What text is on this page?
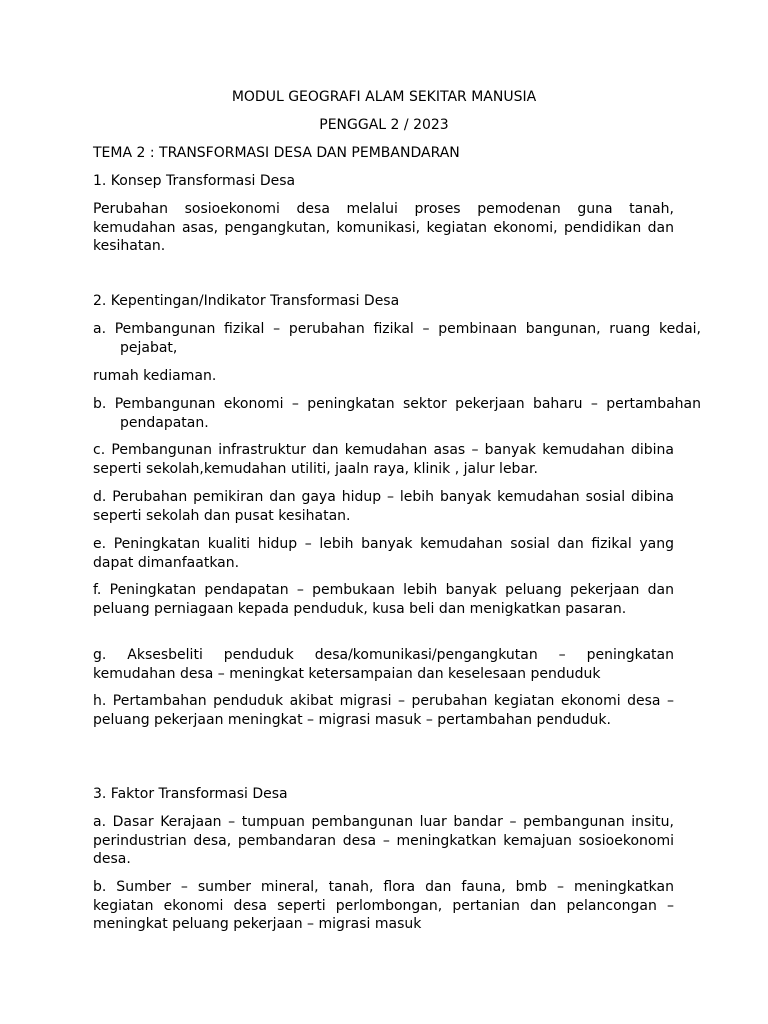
MODUL GEOGRAFI ALAM SEKITAR MANUSIA

PENGGAL 2 / 2023

TEMA 2 : TRANSFORMASI DESA DAN PEMBANDARAN

1. Konsep Transformasi Desa

Perubahan sosioekonomi desa melalui proses pemodenan guna tanah, kemudahan asas, pengangkutan, komunikasi, kegiatan ekonomi, pendidikan dan kesihatan.

2. Kepentingan/Indikator Transformasi Desa

a. Pembangunan fizikal – perubahan fizikal – pembinaan bangunan, ruang kedai, pejabat,

rumah kediaman.

b. Pembangunan ekonomi – peningkatan sektor pekerjaan baharu – pertambahan pendapatan.

c. Pembangunan infrastruktur dan kemudahan asas – banyak kemudahan dibina seperti sekolah,kemudahan utiliti, jaaln raya, klinik , jalur lebar.

d. Perubahan pemikiran dan gaya hidup – lebih banyak kemudahan sosial dibina seperti sekolah dan pusat kesihatan.

e. Peningkatan kualiti hidup – lebih banyak kemudahan sosial dan fizikal yang dapat dimanfaatkan.

f. Peningkatan pendapatan – pembukaan lebih banyak peluang pekerjaan dan peluang perniagaan kepada penduduk, kusa beli dan menigkatkan pasaran.

g. Aksesbeliti penduduk desa/komunikasi/pengangkutan – peningkatan kemudahan desa – meningkat ketersampaian dan keselesaan penduduk

h. Pertambahan penduduk akibat migrasi – perubahan kegiatan ekonomi desa – peluang pekerjaan meningkat – migrasi masuk – pertambahan penduduk.

3. Faktor Transformasi Desa

a. Dasar Kerajaan – tumpuan pembangunan luar bandar – pembangunan insitu, perindustrian desa, pembandaran desa – meningkatkan kemajuan sosioekonomi desa.

b. Sumber – sumber mineral, tanah, flora dan fauna, bmb – meningkatkan kegiatan ekonomi desa seperti perlombongan, pertanian dan pelancongan – meningkat peluang pekerjaan – migrasi masuk
